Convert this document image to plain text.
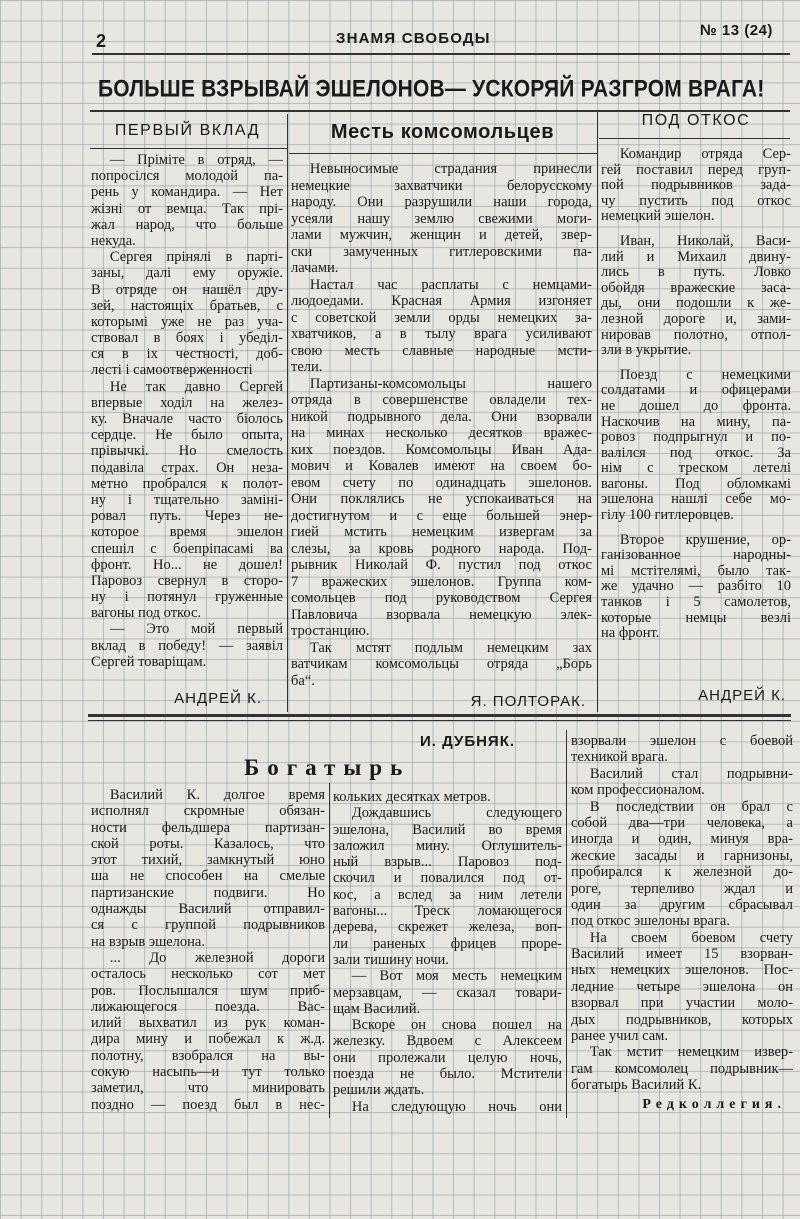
2	ЗНАМЯ СВОБОДЫ	№ 13 (24)
БОЛЬШЕ ВЗРЫВАЙ ЭШЕЛОНОВ— УСКОРЯЙ РАЗГРОМ ВРАГА!
ПЕРВЫЙ ВКЛАД
— Пріміте в отряд, —
попросілся молодой па-
рень у командира. — Нет
жізні от вемца. Так прі-
жал народ, что больше
некуда.
Сергея прінялі в парті-
заны, далі ему оружіе.
В отряде он нашёл дру-
зей, настоящіх братьев, с
которымі уже не раз уча-
ствовал в боях і убеділ-
ся в іх честності, доб-
лесті і самоотверженності
Не так давно Сергей
впервые ходіл на желез-
ку. Вначале часто біолось
сердце. Не было опыта,
прівычкі. Но смелость
подавіла страх. Он неза-
метно пробрался к полот-
ну і тщательно заміні-
ровал путь. Через не-
которое время эшелон
спешіл с боепріпасамі ва
фронт. Но... не дошел!
Паровоз свернул в сторо-
ну і потянул груженные
вагоны под откос.
— Это мой первый
вклад в победу! — заявіл
Сергей товаріщам.
АНДРЕЙ К.
Месть комсомольцев
Невыносимые страдания принесли
немецкие захватчики белорусскому
народу. Они разрушили наши города,
усеяли нашу землю свежими моги-
лами мужчин, женщин и детей, звер-
ски замученных гитлеровскими па-
лачами.
Настал час расплаты с немцами-
людоедами. Красная Армия изгоняет
с советской земли орды немецких за-
хватчиков, а в тылу врага усиливают
свою месть славные народные мсти-
тели.
Партизаны-комсомольцы нашего
отряда в совершенстве овладели тех-
никой подрывного дела. Они взорвали
на минах несколько десятков вражес-
ких поездов. Комсомольцы Иван Ада-
мович и Ковалев имеют на своем бо-
евом счету по одинадцать эшелонов.
Они поклялись не успокаиваться на
достигнутом и с еще большей энер-
гией мстить немецким извергам за
слезы, за кровь родного народа. Под-
рывник Николай Ф. пустил под откос
7 вражеских эшелонов. Группа ком-
сомольцев под руководством Сергея
Павловича взорвала немецкую элек-
тростанцию.
Так мстят подлым немецким зах
ватчикам комсомольцы отряда „Борь
ба“.
Я. ПОЛТОРАК.
ПОД ОТКОС
Командир отряда Сер-
гей поставил перед груп-
пой подрывников зада-
чу пустить под откос
немецкий эшелон.
Иван, Николай, Васи-
лий и Михаил двину-
лись в путь. Ловко
обойдя вражеские заса-
ды, они подошли к же-
лезной дороге и, зами-
нировав полотно, отпол-
зли в укрытие.
Поезд с немецкими
солдатами и офицерами
не дошел до фронта.
Наскочив на мину, па-
ровоз подпрыгнул и по-
валілся под откос. За
нім с треском летелі
вагоны. Под обломкамі
эшелона нашлі себе мо-
гілу 100 гитлеровцев.
Второе крушение, ор-
ганізованное народны-
мі мстітелямі, было так-
же удачно — разбіто 10
танков і 5 самолетов,
которые немцы везлі
на фронт.
АНДРЕЙ К.
И. ДУБНЯК.
Богатырь
Василий К. долгое время
исполнял скромные обязан-
ности фельдшера партизан-
ской роты. Казалось, что
этот тихий, замкнутый юно
ша не способен на смелые
партизанские подвиги. Но
однажды Василий отправил-
ся с группой подрывников
на взрыв эшелона.
... До железной дороги
осталось несколько сот мет
ров. Послышался шум приб-
лижающегося поезда. Вас-
илий выхватил из рук коман-
дира мину и побежал к ж.д.
полотну, взобрался на вы-
сокую насыпь—и тут только
заметил, что минировать
поздно — поезд был в нес-
кольких десятках метров.
Дождавшись следующего
эшелона, Василий во время
заложил мину. Оглушитель-
ный взрыв... Паровоз под-
скочил и повалился под от-
кос, а вслед за ним летели
вагоны... Треск ломающегося
дерева, скрежет железа, воп-
ли раненых фрицев проре-
зали тишину ночи.
— Вот моя месть немецким
мерзавцам, — сказал товари-
щам Василий.
Вскоре он снова пошел на
железку. Вдвоем с Алексеем
они пролежали целую ночь,
поезда не было. Мстители
решили ждать.
На следующую ночь они
взорвали эшелон с боевой
техникой врага.
Василий стал подрывни-
ком профессионалом.
В последствии он брал с
собой два—три человека, а
иногда и один, минуя вра-
жеские засады и гарнизоны,
пробирался к железной до-
роге, терпеливо ждал и
один за другим сбрасывал
под откос эшелоны врага.
На своем боевом счету
Василий имеет 15 взорван-
ных немецких эшелонов. Пос-
ледние четыре эшелона он
взорвал при участии моло-
дых подрывников, которых
ранее учил сам.
Так мстит немецким извер-
гам комсомолец подрывник—
богатырь Василий К.
Редколлегия.
